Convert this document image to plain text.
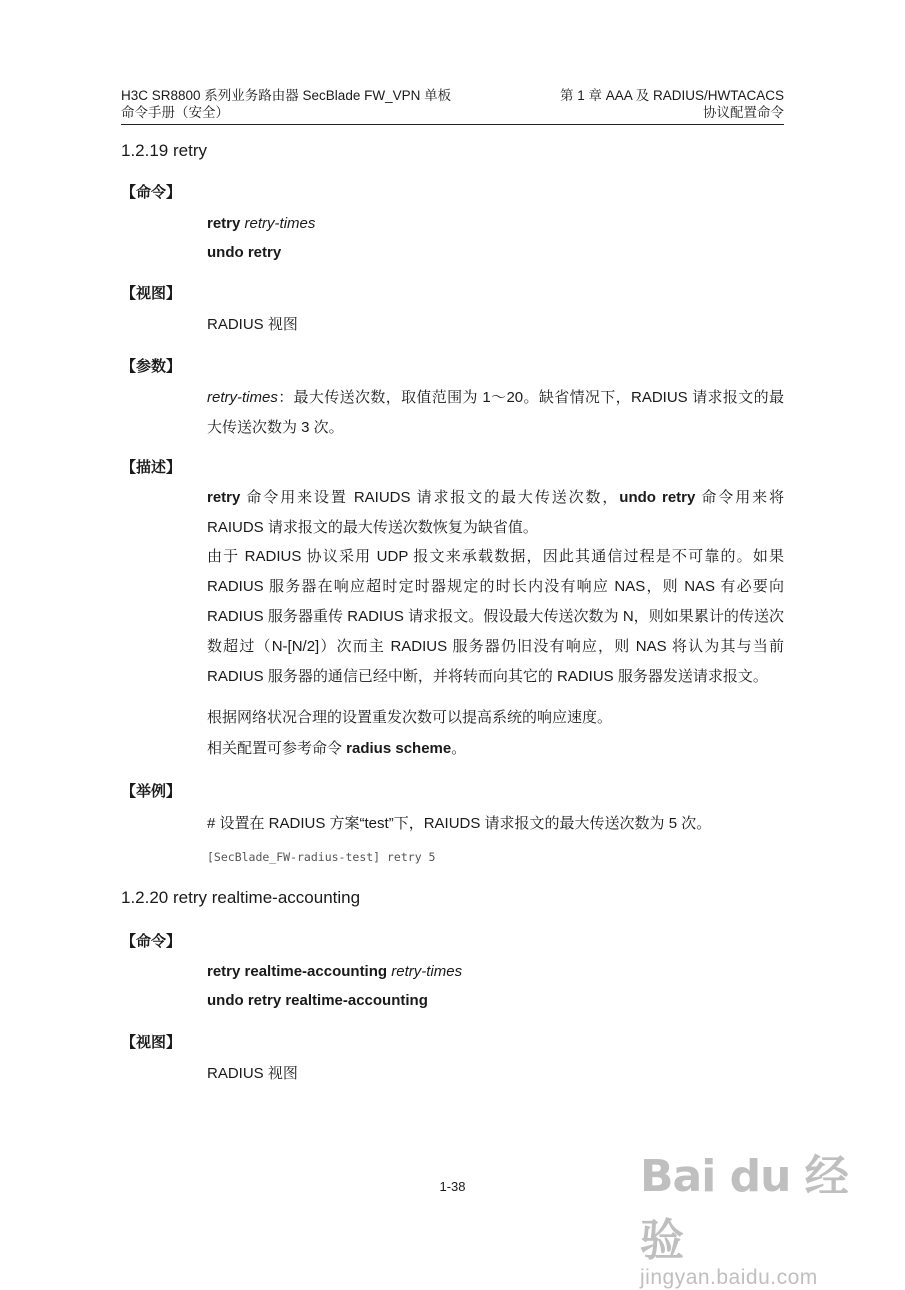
H3C SR8800 系列业务路由器 SecBlade FW_VPN 单板	第 1 章 AAA 及 RADIUS/HWTACACS
命令手册（安全）	协议配置命令
1.2.19 retry
【命令】
retry retry-times
undo retry
【视图】
RADIUS 视图
【参数】
retry-times：最大传送次数，取值范围为 1～20。缺省情况下，RADIUS 请求报文的最大传送次数为 3 次。
【描述】
retry 命令用来设置 RAIUDS 请求报文的最大传送次数，undo retry 命令用来将 RAIUDS 请求报文的最大传送次数恢复为缺省值。
由于 RADIUS 协议采用 UDP 报文来承载数据，因此其通信过程是不可靠的。如果 RADIUS 服务器在响应超时定时器规定的时长内没有响应 NAS，则 NAS 有必要向 RADIUS 服务器重传 RADIUS 请求报文。假设最大传送次数为 N，则如果累计的传送次数超过（N-[N/2]）次而主 RADIUS 服务器仍旧没有响应，则 NAS 将认为其与当前 RADIUS 服务器的通信已经中断，并将转而向其它的 RADIUS 服务器发送请求报文。
根据网络状况合理的设置重发次数可以提高系统的响应速度。
相关配置可参考命令 radius scheme。
【举例】
# 设置在 RADIUS 方案“test”下，RAIUDS 请求报文的最大传送次数为 5 次。
[SecBlade_FW-radius-test] retry 5
1.2.20 retry realtime-accounting
【命令】
retry realtime-accounting retry-times
undo retry realtime-accounting
【视图】
RADIUS 视图
1-38	Bai du 经验
jingyan.baidu.com
